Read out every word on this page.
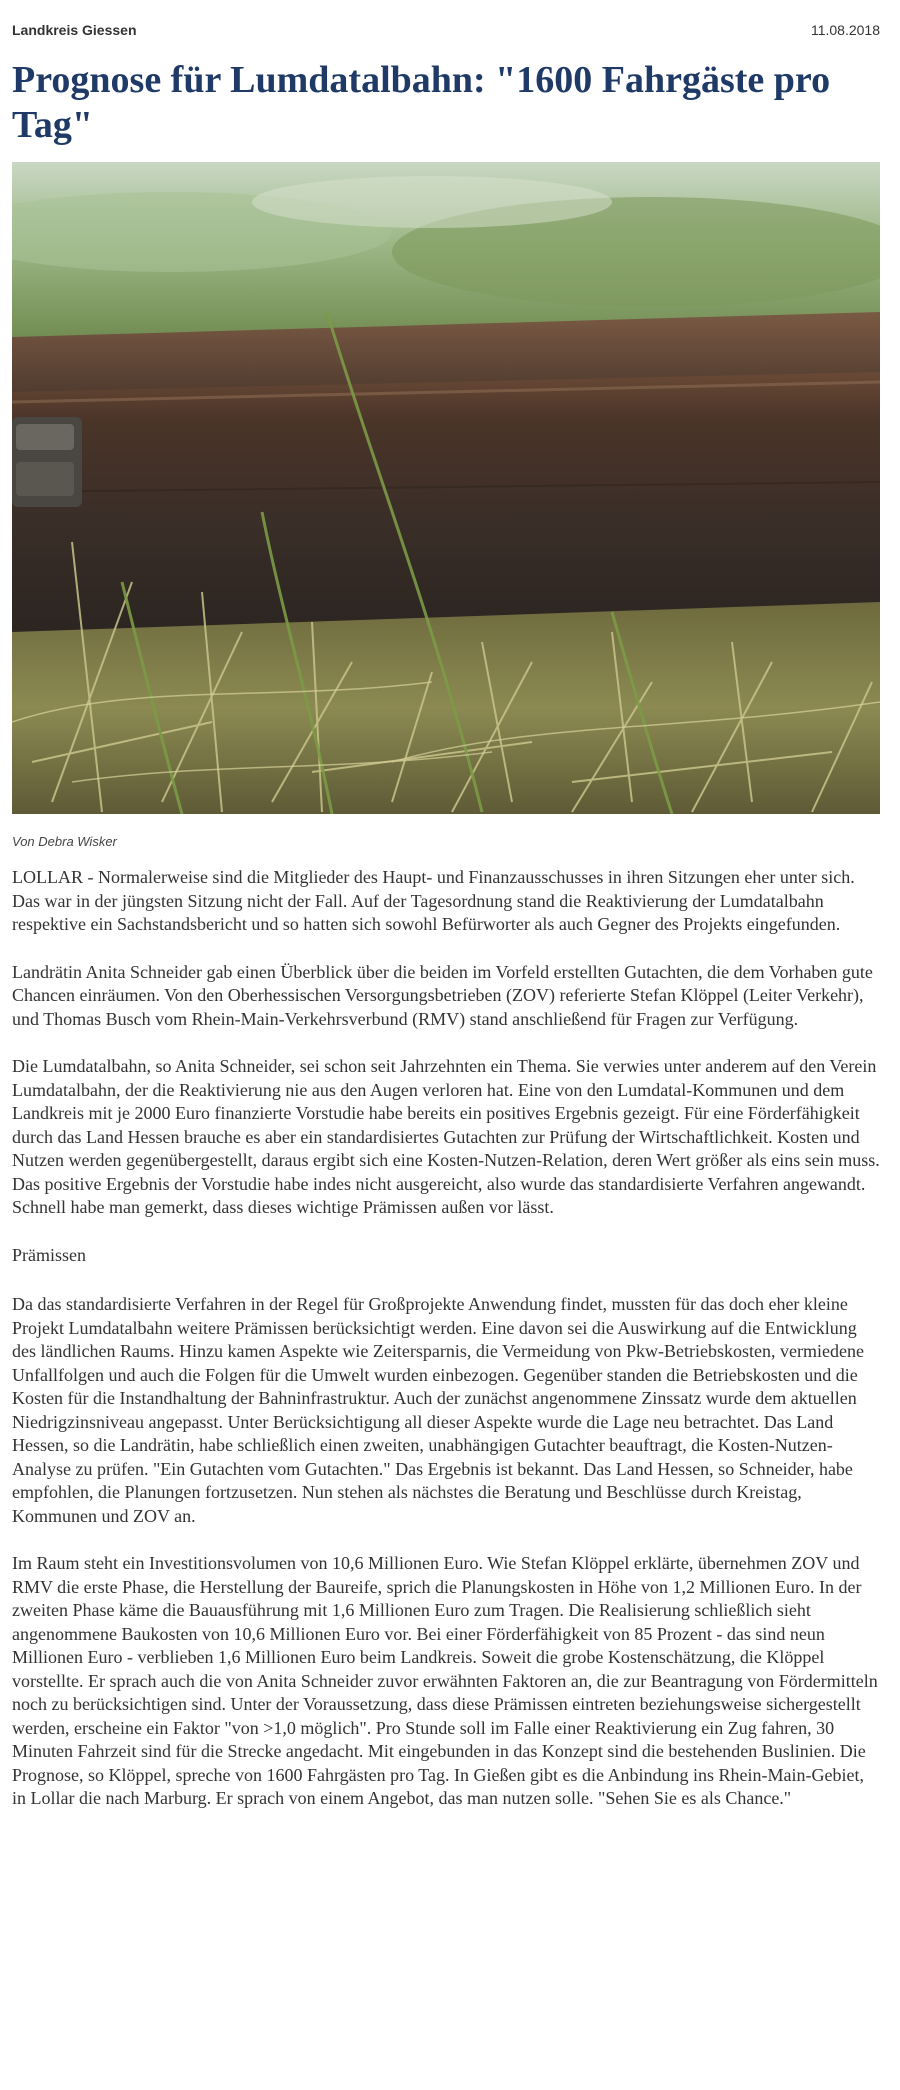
Landkreis Giessen	11.08.2018
Prognose für Lumdatalbahn: "1600 Fahrgäste pro Tag"
Von Debra Wisker

LOLLAR - Normalerweise sind die Mitglieder des Haupt- und Finanzausschusses in ihren Sitzungen eher unter sich. Das war in der jüngsten Sitzung nicht der Fall. Auf der Tagesordnung stand die Reaktivierung der Lumdatalbahn respektive ein Sachstandsbericht und so hatten sich sowohl Befürworter als auch Gegner des Projekts eingefunden.

Landrätin Anita Schneider gab einen Überblick über die beiden im Vorfeld erstellten Gutachten, die dem Vorhaben gute Chancen einräumen. Von den Oberhessischen Versorgungsbetrieben (ZOV) referierte Stefan Klöppel (Leiter Verkehr), und Thomas Busch vom Rhein-Main-Verkehrsverbund (RMV) stand anschließend für Fragen zur Verfügung.

Die Lumdatalbahn, so Anita Schneider, sei schon seit Jahrzehnten ein Thema. Sie verwies unter anderem auf den Verein Lumdatalbahn, der die Reaktivierung nie aus den Augen verloren hat. Eine von den Lumdatal-Kommunen und dem Landkreis mit je 2000 Euro finanzierte Vorstudie habe bereits ein positives Ergebnis gezeigt. Für eine Förderfähigkeit durch das Land Hessen brauche es aber ein standardisiertes Gutachten zur Prüfung der Wirtschaftlichkeit. Kosten und Nutzen werden gegenübergestellt, daraus ergibt sich eine Kosten-Nutzen-Relation, deren Wert größer als eins sein muss. Das positive Ergebnis der Vorstudie habe indes nicht ausgereicht, also wurde das standardisierte Verfahren angewandt. Schnell habe man gemerkt, dass dieses wichtige Prämissen außen vor lässt.

Prämissen

Da das standardisierte Verfahren in der Regel für Großprojekte Anwendung findet, mussten für das doch eher kleine Projekt Lumdatalbahn weitere Prämissen berücksichtigt werden. Eine davon sei die Auswirkung auf die Entwicklung des ländlichen Raums. Hinzu kamen Aspekte wie Zeitersparnis, die Vermeidung von Pkw-Betriebskosten, vermiedene Unfallfolgen und auch die Folgen für die Umwelt wurden einbezogen. Gegenüber standen die Betriebskosten und die Kosten für die Instandhaltung der Bahninfrastruktur. Auch der zunächst angenommene Zinssatz wurde dem aktuellen Niedrigzinsniveau angepasst. Unter Berücksichtigung all dieser Aspekte wurde die Lage neu betrachtet. Das Land Hessen, so die Landrätin, habe schließlich einen zweiten, unabhängigen Gutachter beauftragt, die Kosten-Nutzen-Analyse zu prüfen. "Ein Gutachten vom Gutachten." Das Ergebnis ist bekannt. Das Land Hessen, so Schneider, habe empfohlen, die Planungen fortzusetzen. Nun stehen als nächstes die Beratung und Beschlüsse durch Kreistag, Kommunen und ZOV an.

Im Raum steht ein Investitionsvolumen von 10,6 Millionen Euro. Wie Stefan Klöppel erklärte, übernehmen ZOV und RMV die erste Phase, die Herstellung der Baureife, sprich die Planungskosten in Höhe von 1,2 Millionen Euro. In der zweiten Phase käme die Bauausführung mit 1,6 Millionen Euro zum Tragen. Die Realisierung schließlich sieht angenommene Baukosten von 10,6 Millionen Euro vor. Bei einer Förderfähigkeit von 85 Prozent - das sind neun Millionen Euro - verblieben 1,6 Millionen Euro beim Landkreis. Soweit die grobe Kostenschätzung, die Klöppel vorstellte. Er sprach auch die von Anita Schneider zuvor erwähnten Faktoren an, die zur Beantragung von Fördermitteln noch zu berücksichtigen sind. Unter der Voraussetzung, dass diese Prämissen eintreten beziehungsweise sichergestellt werden, erscheine ein Faktor "von >1,0 möglich". Pro Stunde soll im Falle einer Reaktivierung ein Zug fahren, 30 Minuten Fahrzeit sind für die Strecke angedacht. Mit eingebunden in das Konzept sind die bestehenden Buslinien. Die Prognose, so Klöppel, spreche von 1600 Fahrgästen pro Tag. In Gießen gibt es die Anbindung ins Rhein-Main-Gebiet, in Lollar die nach Marburg. Er sprach von einem Angebot, das man nutzen solle. "Sehen Sie es als Chance."
